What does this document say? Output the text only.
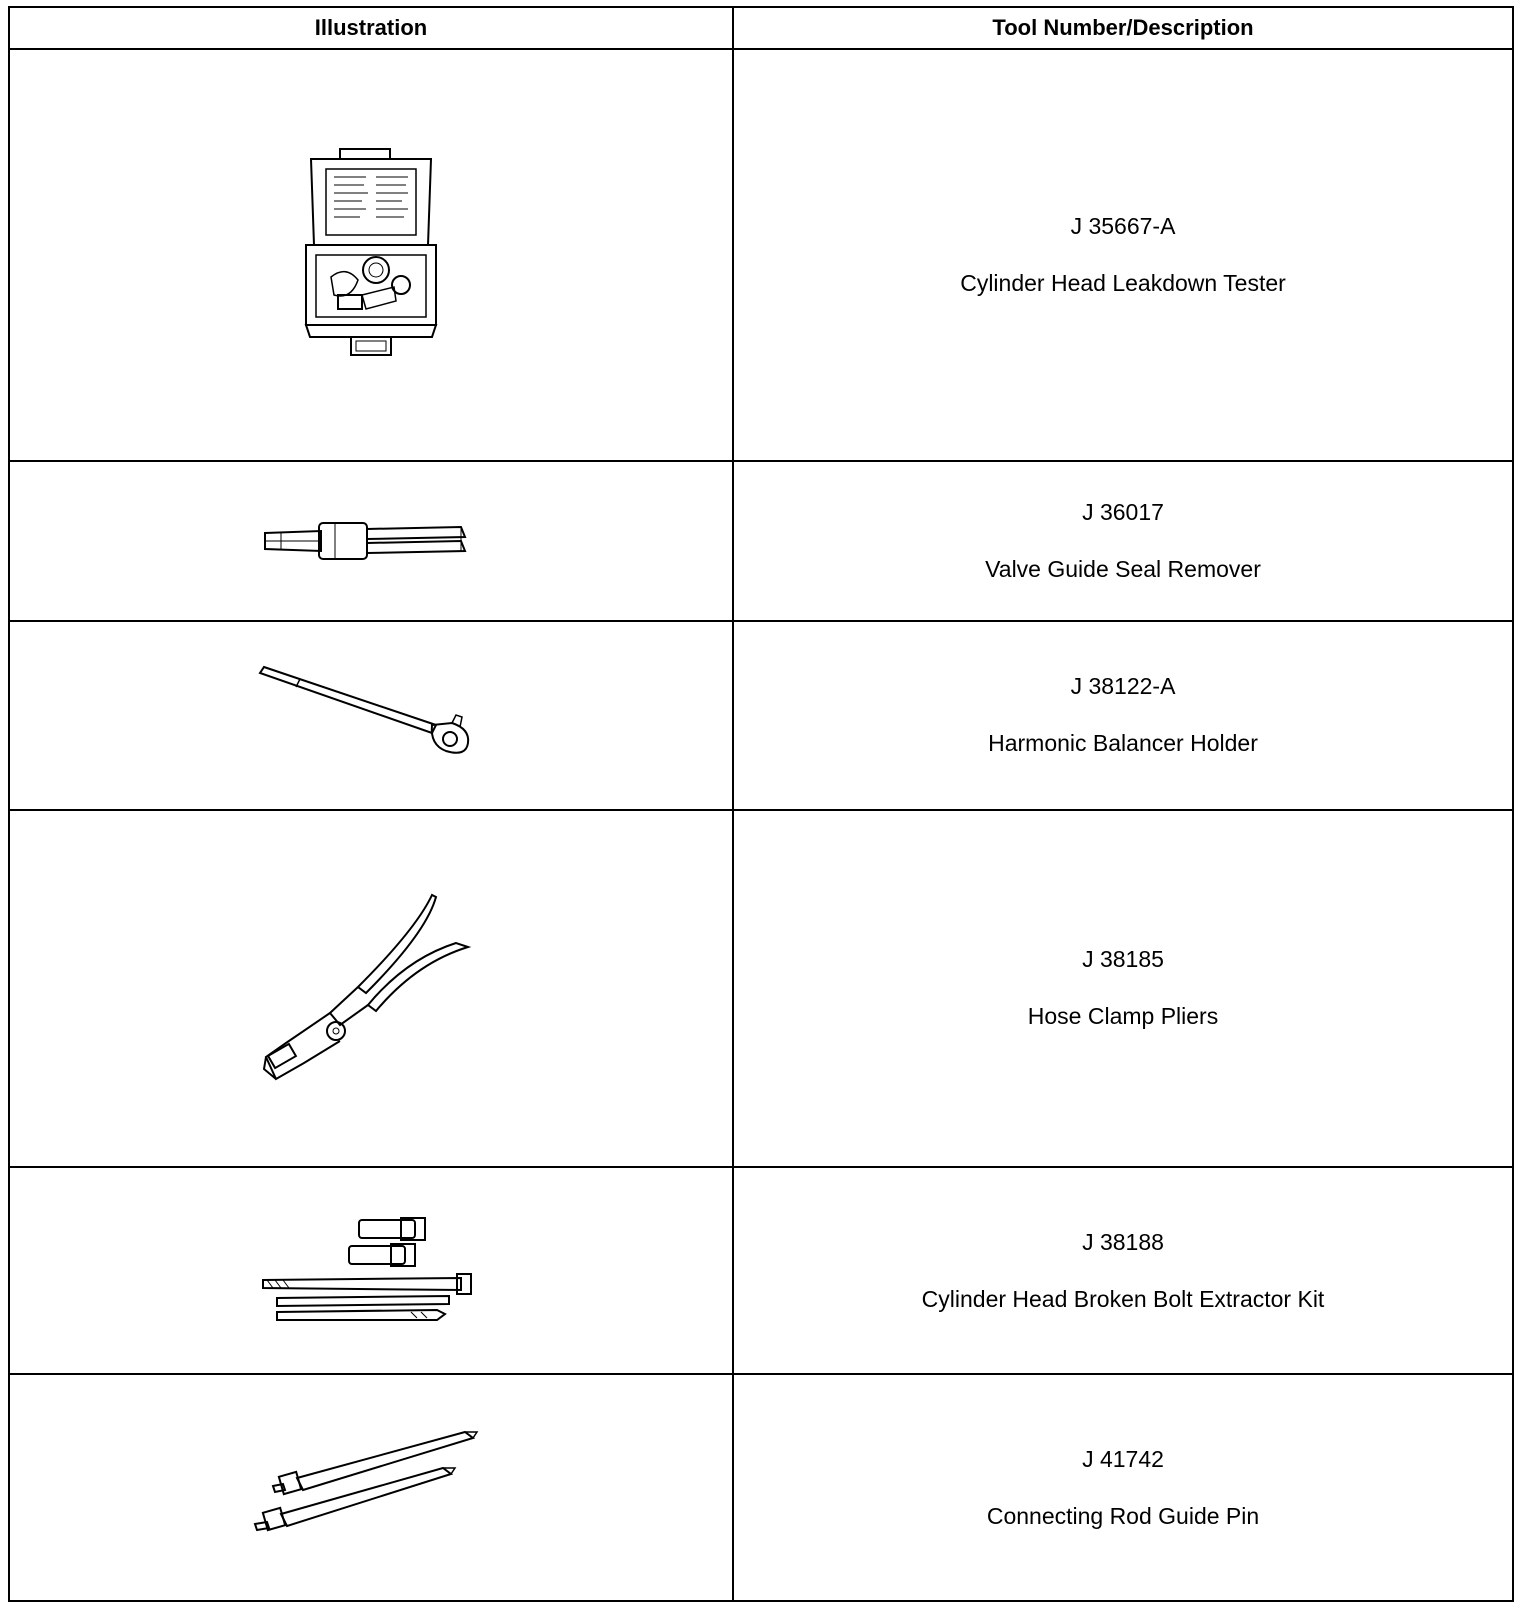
Illustration	Tool Number/Description

J 35667-A
Cylinder Head Leakdown Tester

J 36017
Valve Guide Seal Remover

J 38122-A
Harmonic Balancer Holder

J 38185
Hose Clamp Pliers

J 38188
Cylinder Head Broken Bolt Extractor Kit

J 41742
Connecting Rod Guide Pin
